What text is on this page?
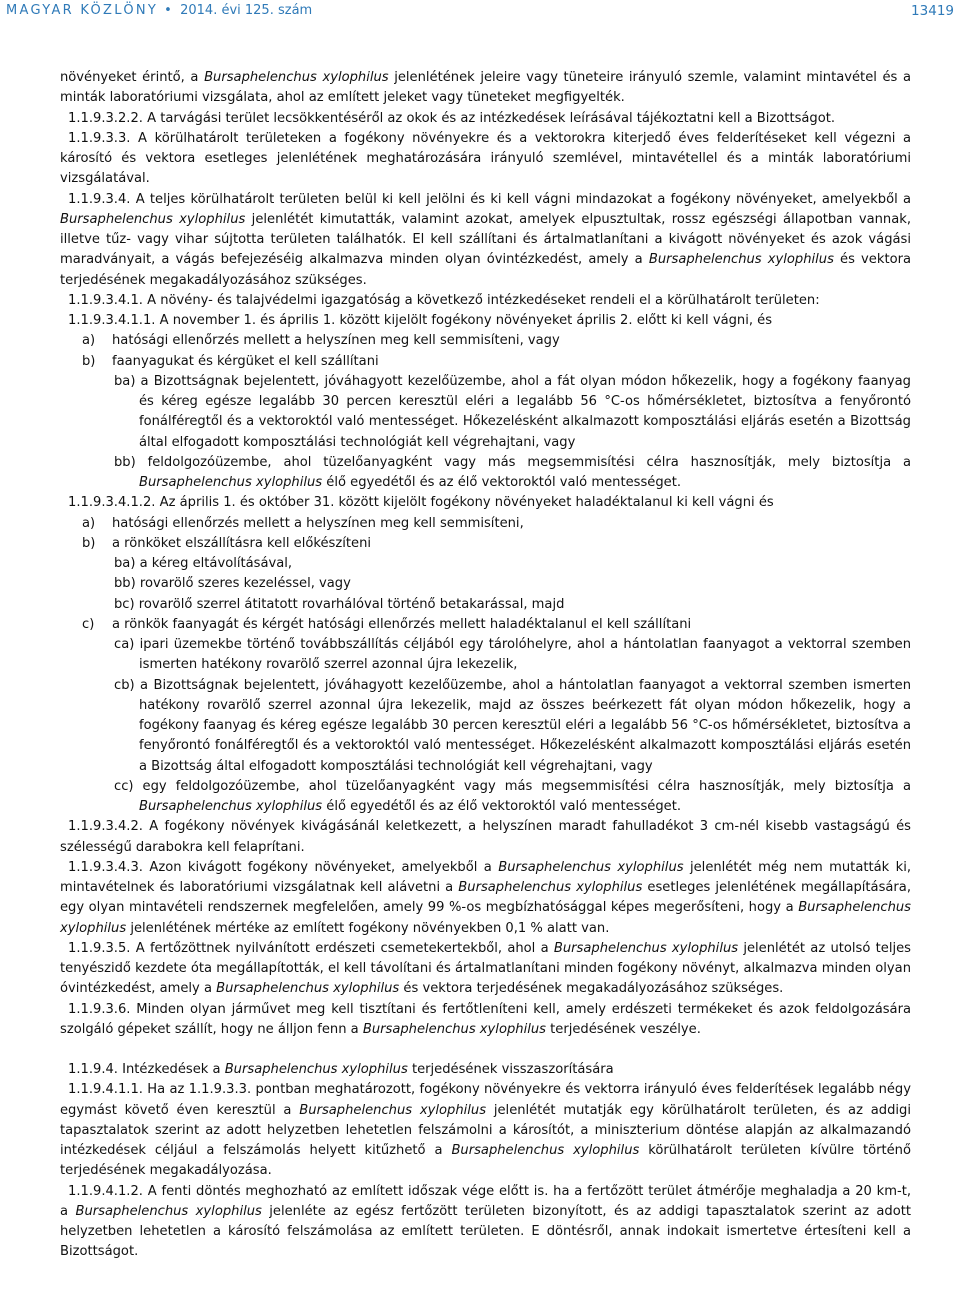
MAGYAR KÖZLÖNY • 2014. évi 125. szám	13419

növényeket érintő, a Bursaphelenchus xylophilus jelenlétének jeleire vagy tüneteire irányuló szemle, valamint mintavétel és a minták laboratóriumi vizsgálata, ahol az említett jeleket vagy tüneteket megfigyelték.

1.1.9.3.2.2. A tarvágási terület lecsökkentéséről az okok és az intézkedések leírásával tájékoztatni kell a Bizottságot.

1.1.9.3.3. A körülhatárolt területeken a fogékony növényekre és a vektorokra kiterjedő éves felderítéseket kell végezni a károsító és vektora esetleges jelenlétének meghatározására irányuló szemlével, mintavétellel és a minták laboratóriumi vizsgálatával.

1.1.9.3.4. A teljes körülhatárolt területen belül ki kell jelölni és ki kell vágni mindazokat a fogékony növényeket, amelyekből a Bursaphelenchus xylophilus jelenlétét kimutatták, valamint azokat, amelyek elpusztultak, rossz egészségi állapotban vannak, illetve tűz- vagy vihar sújtotta területen találhatók. El kell szállítani és ártalmatlanítani a kivágott növényeket és azok vágási maradványait, a vágás befejezéséig alkalmazva minden olyan óvintézkedést, amely a Bursaphelenchus xylophilus és vektora terjedésének megakadályozásához szükséges.

1.1.9.3.4.1. A növény- és talajvédelmi igazgatóság a következő intézkedéseket rendeli el a körülhatárolt területen:

1.1.9.3.4.1.1. A november 1. és április 1. között kijelölt fogékony növényeket április 2. előtt ki kell vágni, és

a) hatósági ellenőrzés mellett a helyszínen meg kell semmisíteni, vagy

b) faanyagukat és kérgüket el kell szállítani

ba) a Bizottságnak bejelentett, jóváhagyott kezelőüzembe, ahol a fát olyan módon hőkezelik, hogy a fogékony faanyag és kéreg egésze legalább 30 percen keresztül eléri a legalább 56 °C-os hőmérsékletet, biztosítva a fenyőrontó fonálféregtől és a vektoroktól való mentességet. Hőkezelésként alkalmazott komposztálási eljárás esetén a Bizottság által elfogadott komposztálási technológiát kell végrehajtani, vagy

bb) feldolgozóüzembe, ahol tüzelőanyagként vagy más megsemmisítési célra hasznosítják, mely biztosítja a Bursaphelenchus xylophilus élő egyedétől és az élő vektoroktól való mentességet.

1.1.9.3.4.1.2. Az április 1. és október 31. között kijelölt fogékony növényeket haladéktalanul ki kell vágni és

a) hatósági ellenőrzés mellett a helyszínen meg kell semmisíteni,

b) a rönköket elszállításra kell előkészíteni

ba) a kéreg eltávolításával,

bb) rovarölő szeres kezeléssel, vagy

bc) rovarölő szerrel átitatott rovarhálóval történő betakarással, majd

c) a rönkök faanyagát és kérgét hatósági ellenőrzés mellett haladéktalanul el kell szállítani

ca) ipari üzemekbe történő továbbszállítás céljából egy tárolóhelyre, ahol a hántolatlan faanyagot a vektorral szemben ismerten hatékony rovarölő szerrel azonnal újra lekezelik,

cb) a Bizottságnak bejelentett, jóváhagyott kezelőüzembe, ahol a hántolatlan faanyagot a vektorral szemben ismerten hatékony rovarölő szerrel azonnal újra lekezelik, majd az összes beérkezett fát olyan módon hőkezelik, hogy a fogékony faanyag és kéreg egésze legalább 30 percen keresztül eléri a legalább 56 °C-os hőmérsékletet, biztosítva a fenyőrontó fonálféregtől és a vektoroktól való mentességet. Hőkezelésként alkalmazott komposztálási eljárás esetén a Bizottság által elfogadott komposztálási technológiát kell végrehajtani, vagy

cc) egy feldolgozóüzembe, ahol tüzelőanyagként vagy más megsemmisítési célra hasznosítják, mely biztosítja a Bursaphelenchus xylophilus élő egyedétől és az élő vektoroktól való mentességet.

1.1.9.3.4.2. A fogékony növények kivágásánál keletkezett, a helyszínen maradt fahulladékot 3 cm-nél kisebb vastagságú és szélességű darabokra kell felaprítani.

1.1.9.3.4.3. Azon kivágott fogékony növényeket, amelyekből a Bursaphelenchus xylophilus jelenlétét még nem mutatták ki, mintavételnek és laboratóriumi vizsgálatnak kell alávetni a Bursaphelenchus xylophilus esetleges jelenlétének megállapítására, egy olyan mintavételi rendszernek megfelelően, amely 99 %-os megbízhatósággal képes megerősíteni, hogy a Bursaphelenchus xylophilus jelenlétének mértéke az említett fogékony növényekben 0,1 % alatt van.

1.1.9.3.5. A fertőzöttnek nyilvánított erdészeti csemetekertekből, ahol a Bursaphelenchus xylophilus jelenlétét az utolsó teljes tenyészidő kezdete óta megállapították, el kell távolítani és ártalmatlanítani minden fogékony növényt, alkalmazva minden olyan óvintézkedést, amely a Bursaphelenchus xylophilus és vektora terjedésének megakadályozásához szükséges.

1.1.9.3.6. Minden olyan járművet meg kell tisztítani és fertőtleníteni kell, amely erdészeti termékeket és azok feldolgozására szolgáló gépeket szállít, hogy ne álljon fenn a Bursaphelenchus xylophilus terjedésének veszélye.

1.1.9.4. Intézkedések a Bursaphelenchus xylophilus terjedésének visszaszorítására

1.1.9.4.1.1. Ha az 1.1.9.3.3. pontban meghatározott, fogékony növényekre és vektorra irányuló éves felderítések legalább négy egymást követő éven keresztül a Bursaphelenchus xylophilus jelenlétét mutatják egy körülhatárolt területen, és az addigi tapasztalatok szerint az adott helyzetben lehetetlen felszámolni a károsítót, a miniszterium döntése alapján az alkalmazandó intézkedések céljául a felszámolás helyett kitűzhető a Bursaphelenchus xylophilus körülhatárolt területen kívülre történő terjedésének megakadályozása.

1.1.9.4.1.2. A fenti döntés meghozható az említett időszak vége előtt is. ha a fertőzött terület átmérője meghaladja a 20 km-t, a Bursaphelenchus xylophilus jelenléte az egész fertőzött területen bizonyított, és az addigi tapasztalatok szerint az adott helyzetben lehetetlen a károsító felszámolása az említett területen. E döntésről, annak indokait ismertetve értesíteni kell a Bizottságot.
